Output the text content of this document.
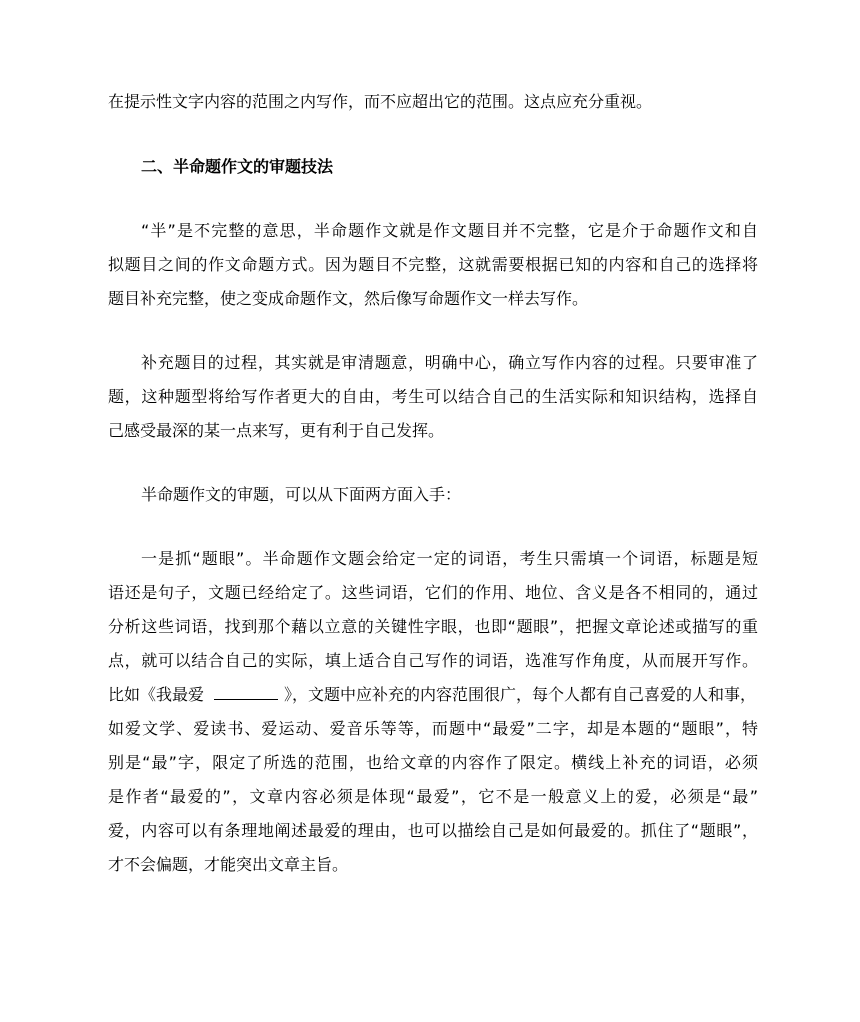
在提示性文字内容的范围之内写作，而不应超出它的范围。这点应充分重视。
二、半命题作文的审题技法
“半”是不完整的意思，半命题作文就是作文题目并不完整，它是介于命题作文和自
拟题目之间的作文命题方式。因为题目不完整，这就需要根据已知的内容和自己的选择将
题目补充完整，使之变成命题作文，然后像写命题作文一样去写作。
补充题目的过程，其实就是审清题意，明确中心，确立写作内容的过程。只要审准了
题，这种题型将给写作者更大的自由，考生可以结合自己的生活实际和知识结构，选择自
己感受最深的某一点来写，更有利于自己发挥。
半命题作文的审题，可以从下面两方面入手：
一是抓“题眼”。半命题作文题会给定一定的词语，考生只需填一个词语，标题是短
语还是句子，文题已经给定了。这些词语，它们的作用、地位、含义是各不相同的，通过
分析这些词语，找到那个藉以立意的关键性字眼，也即“题眼”，把握文章论述或描写的重
点，就可以结合自己的实际，填上适合自己写作的词语，选准写作角度，从而展开写作。
比如《我最爱	》，文题中应补充的内容范围很广，每个人都有自己喜爱的人和事，
如爱文学、爱读书、爱运动、爱音乐等等，而题中“最爱”二字，却是本题的“题眼”，特
别是“最”字，限定了所选的范围，也给文章的内容作了限定。横线上补充的词语，必须
是作者“最爱的”，文章内容必须是体现“最爱”，它不是一般意义上的爱，必须是“最”
爱，内容可以有条理地阐述最爱的理由，也可以描绘自己是如何最爱的。抓住了“题眼”，
才不会偏题，才能突出文章主旨。
